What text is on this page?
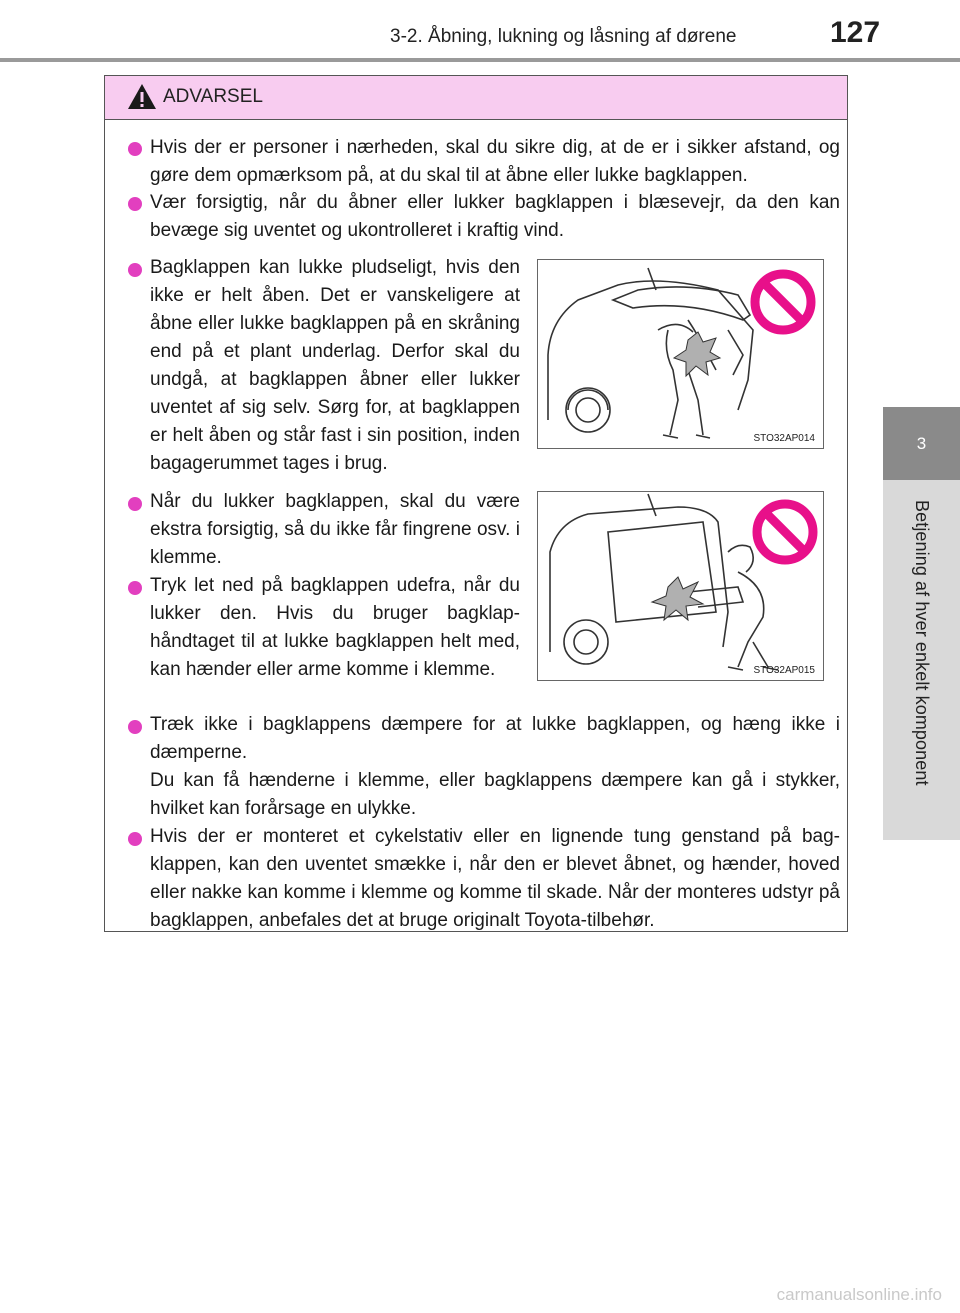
3-2. Åbning, lukning og låsning af dørene	127
3
Betjening af hver enkelt komponent
ADVARSEL
Hvis der er personer i nærheden, skal du sikre dig, at de er i sikker afstand, og gøre dem opmærksom på, at du skal til at åbne eller lukke bagklappen.
Vær forsigtig, når du åbner eller lukker bagklappen i blæsevejr, da den kan bevæge sig uventet og ukontrolleret i kraftig vind.
Bagklappen kan lukke pludseligt, hvis den ikke er helt åben. Det er vanskeligere at åbne eller lukke bagklappen på en skråning end på et plant underlag. Derfor skal du undgå, at bagklappen åbner eller lukker uventet af sig selv. Sørg for, at bagklappen er helt åben og står fast i sin position, inden bagagerummet tages i brug.
STO32AP014
Når du lukker bagklappen, skal du være ekstra forsigtig, så du ikke får fingrene osv. i klemme.
Tryk let ned på bagklappen udefra, når du lukker den. Hvis du bruger bagklaphåndtaget til at lukke bagklappen helt med, kan hænder eller arme komme i klemme.	STO32AP015
Træk ikke i bagklappens dæmpere for at lukke bagklappen, og hæng ikke i dæmperne.
Du kan få hænderne i klemme, eller bagklappens dæmpere kan gå i stykker, hvilket kan forårsage en ulykke.
Hvis der er monteret et cykelstativ eller en lignende tung genstand på bagklappen, kan den uventet smække i, når den er blevet åbnet, og hænder, hoved eller nakke kan komme i klemme og komme til skade. Når der monteres udstyr på bagklappen, anbefales det at bruge originalt Toyota-tilbehør.
carmanualsonline.info
